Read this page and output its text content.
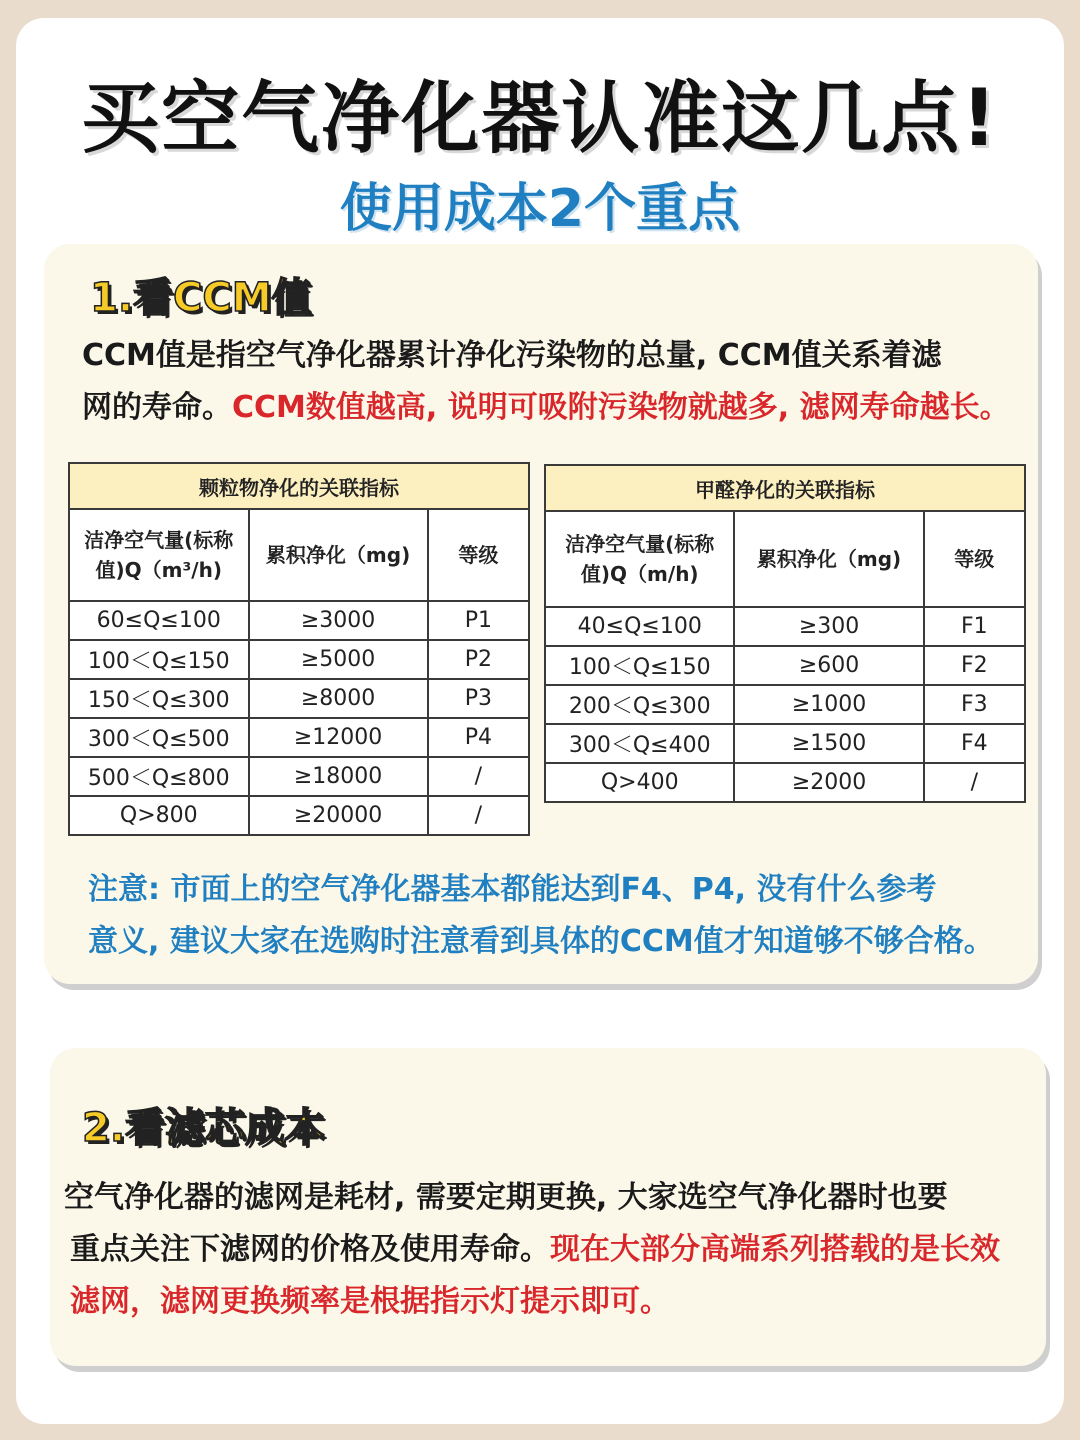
买空气净化器认准这几点!
使用成本2个重点
1.看CCM值
CCM值是指空气净化器累计净化污染物的总量, CCM值关系着滤
网的寿命。CCM数值越高, 说明可吸附污染物就越多, 滤网寿命越长。
颗粒物净化的关联指标		
洁净空气量(标称值)Q（m³/h)	累积净化（mg)	等级
60≤Q≤100	≥3000	P1
100＜Q≤150	≥5000	P2
150＜Q≤300	≥8000	P3
300＜Q≤500	≥12000	P4
500＜Q≤800	≥18000	/
Q>800	≥20000	/
甲醛净化的关联指标		
洁净空气量(标称值)Q（m/h)	累积净化（mg)	等级
40≤Q≤100	≥300	F1
100＜Q≤150	≥600	F2
200＜Q≤300	≥1000	F3
300＜Q≤400	≥1500	F4
Q>400	≥2000	/
注意: 市面上的空气净化器基本都能达到F4、P4, 没有什么参考
意义, 建议大家在选购时注意看到具体的CCM值才知道够不够合格。
2.看滤芯成本
空气净化器的滤网是耗材, 需要定期更换, 大家选空气净化器时也要
重点关注下滤网的价格及使用寿命。现在大部分高端系列搭载的是长效
滤网，滤网更换频率是根据指示灯提示即可。
